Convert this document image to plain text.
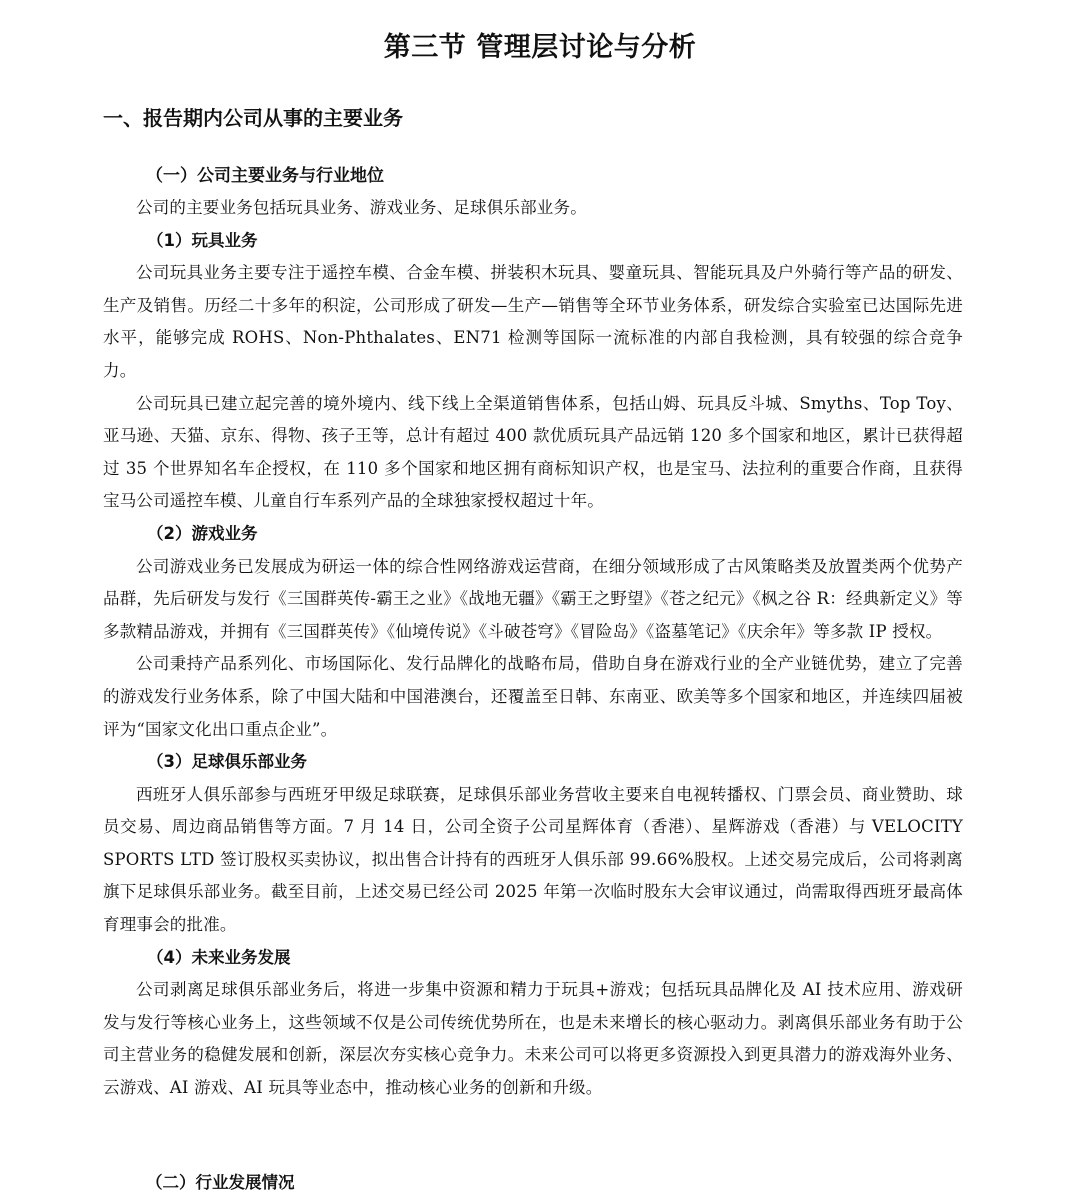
第三节 管理层讨论与分析
一、报告期内公司从事的主要业务
（一）公司主要业务与行业地位

公司的主要业务包括玩具业务、游戏业务、足球俱乐部业务。

（1）玩具业务

公司玩具业务主要专注于遥控车模、合金车模、拼装积木玩具、婴童玩具、智能玩具及户外骑行等产品的研发、生产及销售。历经二十多年的积淀，公司形成了研发—生产—销售等全环节业务体系，研发综合实验室已达国际先进水平，能够完成 ROHS、Non-Phthalates、EN71 检测等国际一流标准的内部自我检测，具有较强的综合竞争力。

公司玩具已建立起完善的境外境内、线下线上全渠道销售体系，包括山姆、玩具反斗城、Smyths、Top Toy、亚马逊、天猫、京东、得物、孩子王等，总计有超过 400 款优质玩具产品远销 120 多个国家和地区，累计已获得超过 35 个世界知名车企授权，在 110 多个国家和地区拥有商标知识产权，也是宝马、法拉利的重要合作商，且获得宝马公司遥控车模、儿童自行车系列产品的全球独家授权超过十年。

（2）游戏业务

公司游戏业务已发展成为研运一体的综合性网络游戏运营商，在细分领域形成了古风策略类及放置类两个优势产品群，先后研发与发行《三国群英传-霸王之业》《战地无疆》《霸王之野望》《苍之纪元》《枫之谷 R：经典新定义》等多款精品游戏，并拥有《三国群英传》《仙境传说》《斗破苍穹》《冒险岛》《盗墓笔记》《庆余年》等多款 IP 授权。

公司秉持产品系列化、市场国际化、发行品牌化的战略布局，借助自身在游戏行业的全产业链优势，建立了完善的游戏发行业务体系，除了中国大陆和中国港澳台，还覆盖至日韩、东南亚、欧美等多个国家和地区，并连续四届被评为“国家文化出口重点企业”。

（3）足球俱乐部业务

西班牙人俱乐部参与西班牙甲级足球联赛，足球俱乐部业务营收主要来自电视转播权、门票会员、商业赞助、球员交易、周边商品销售等方面。7 月 14 日，公司全资子公司星辉体育（香港）、星辉游戏（香港）与 VELOCITY SPORTS LTD 签订股权买卖协议，拟出售合计持有的西班牙人俱乐部 99.66%股权。上述交易完成后，公司将剥离旗下足球俱乐部业务。截至目前，上述交易已经公司 2025 年第一次临时股东大会审议通过，尚需取得西班牙最高体育理事会的批准。

（4）未来业务发展

公司剥离足球俱乐部业务后，将进一步集中资源和精力于玩具+游戏；包括玩具品牌化及 AI 技术应用、游戏研发与发行等核心业务上，这些领域不仅是公司传统优势所在，也是未来增长的核心驱动力。剥离俱乐部业务有助于公司主营业务的稳健发展和创新，深层次夯实核心竞争力。未来公司可以将更多资源投入到更具潜力的游戏海外业务、云游戏、AI 游戏、AI 玩具等业态中，推动核心业务的创新和升级。

（二）行业发展情况
